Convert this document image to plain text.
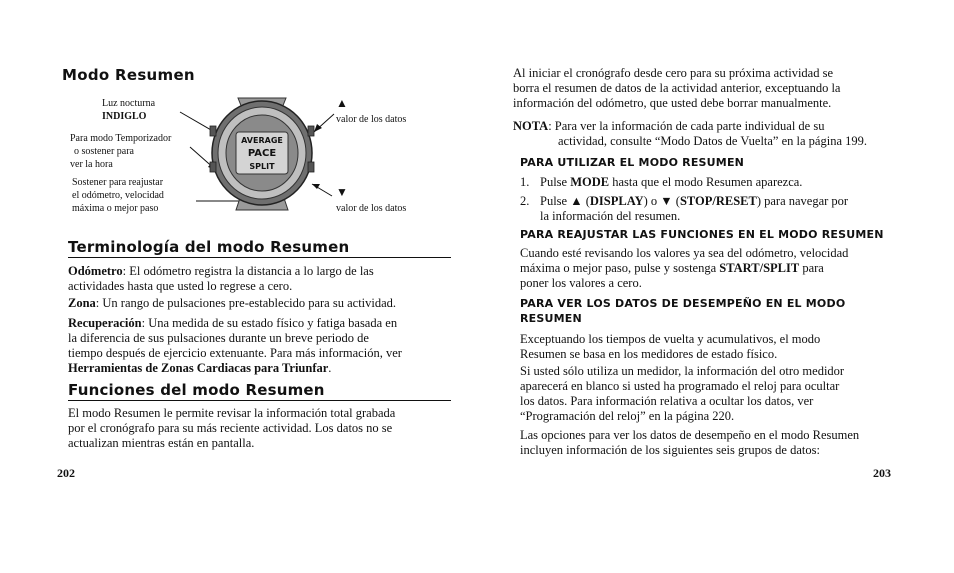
Modo Resumen
Luz nocturna
INDIGLO
Para modo Temporizador
o sostener para
ver la hora
Sostener para reajustar
el odómetro, velocidad
máxima o mejor paso
▲
valor de los datos
▼
valor de los datos
AVERAGE
PACE
SPLIT
Terminología del modo Resumen
Odómetro: El odómetro registra la distancia a lo largo de las
actividades hasta que usted lo regrese a cero.
Zona: Un rango de pulsaciones pre-establecido para su actividad.
Recuperación: Una medida de su estado físico y fatiga basada en
la diferencia de sus pulsaciones durante un breve periodo de
tiempo después de ejercicio extenuante. Para más información, ver
Herramientas de Zonas Cardiacas para Triunfar.
Funciones del modo Resumen
El modo Resumen le permite revisar la información total grabada
por el cronógrafo para su más reciente actividad. Los datos no se
actualizan mientras están en pantalla.
202
Al iniciar el cronógrafo desde cero para su próxima actividad se
borra el resumen de datos de la actividad anterior, exceptuando la
información del odómetro, que usted debe borrar manualmente.
NOTA: Para ver la información de cada parte individual de su
actividad, consulte “Modo Datos de Vuelta” en la página 199.
PARA UTILIZAR EL MODO RESUMEN
1. Pulse MODE hasta que el modo Resumen aparezca.
2. Pulse ▲ (DISPLAY) o ▼ (STOP/RESET) para navegar por
la información del resumen.
PARA REAJUSTAR LAS FUNCIONES EN EL MODO RESUMEN
Cuando esté revisando los valores ya sea del odómetro, velocidad
máxima o mejor paso, pulse y sostenga START/SPLIT para
poner los valores a cero.
PARA VER LOS DATOS DE DESEMPEÑO EN EL MODO
RESUMEN
Exceptuando los tiempos de vuelta y acumulativos, el modo
Resumen se basa en los medidores de estado físico.
Si usted sólo utiliza un medidor, la información del otro medidor
aparecerá en blanco si usted ha programado el reloj para ocultar
los datos. Para información relativa a ocultar los datos, ver
“Programación del reloj” en la página 220.
Las opciones para ver los datos de desempeño en el modo Resumen
incluyen información de los siguientes seis grupos de datos:
203
